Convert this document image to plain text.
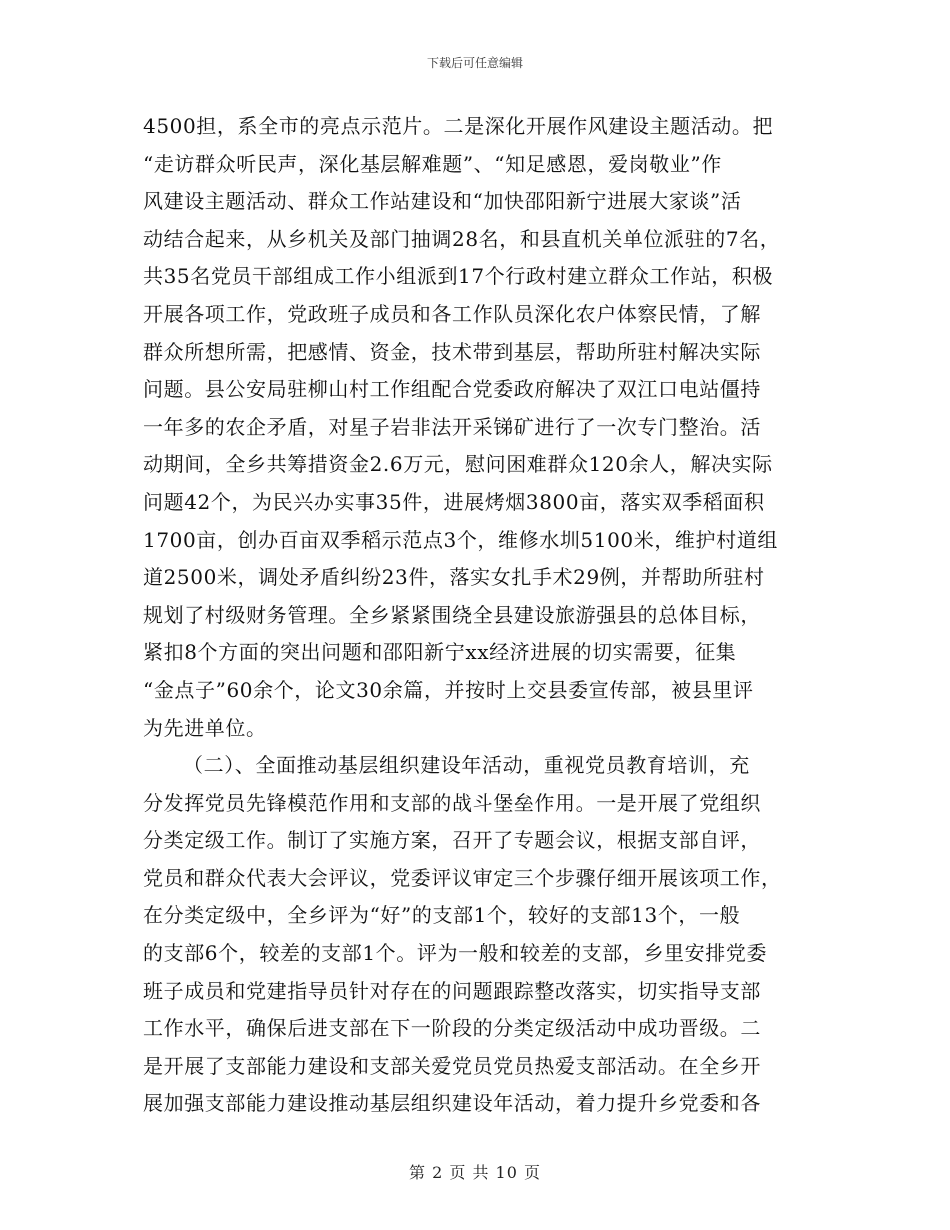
下载后可任意编辑
4500担，系全市的亮点示范片。二是深化开展作风建设主题活动。把
“走访群众听民声，深化基层解难题”、“知足感恩，爱岗敬业”作
风建设主题活动、群众工作站建设和“加快邵阳新宁进展大家谈”活
动结合起来，从乡机关及部门抽调28名，和县直机关单位派驻的7名，
共35名党员干部组成工作小组派到17个行政村建立群众工作站，积极
开展各项工作，党政班子成员和各工作队员深化农户体察民情，了解
群众所想所需，把感情、资金，技术带到基层，帮助所驻村解决实际
问题。县公安局驻柳山村工作组配合党委政府解决了双江口电站僵持
一年多的农企矛盾，对星子岩非法开采锑矿进行了一次专门整治。活
动期间，全乡共筹措资金2.6万元，慰问困难群众120余人，解决实际
问题42个，为民兴办实事35件，进展烤烟3800亩，落实双季稻面积
1700亩，创办百亩双季稻示范点3个，维修水圳5100米，维护村道组
道2500米，调处矛盾纠纷23件，落实女扎手术29例，并帮助所驻村
规划了村级财务管理。全乡紧紧围绕全县建设旅游强县的总体目标，
紧扣8个方面的突出问题和邵阳新宁xx经济进展的切实需要，征集
“金点子”60余个，论文30余篇，并按时上交县委宣传部，被县里评
为先进单位。
（二）、全面推动基层组织建设年活动，重视党员教育培训，充
分发挥党员先锋模范作用和支部的战斗堡垒作用。一是开展了党组织
分类定级工作。制订了实施方案，召开了专题会议，根据支部自评，
党员和群众代表大会评议，党委评议审定三个步骤仔细开展该项工作，
在分类定级中，全乡评为“好”的支部1个，较好的支部13个，一般
的支部6个，较差的支部1个。评为一般和较差的支部，乡里安排党委
班子成员和党建指导员针对存在的问题跟踪整改落实，切实指导支部
工作水平，确保后进支部在下一阶段的分类定级活动中成功晋级。二
是开展了支部能力建设和支部关爱党员党员热爱支部活动。在全乡开
展加强支部能力建设推动基层组织建设年活动，着力提升乡党委和各
第 2 页 共 10 页
